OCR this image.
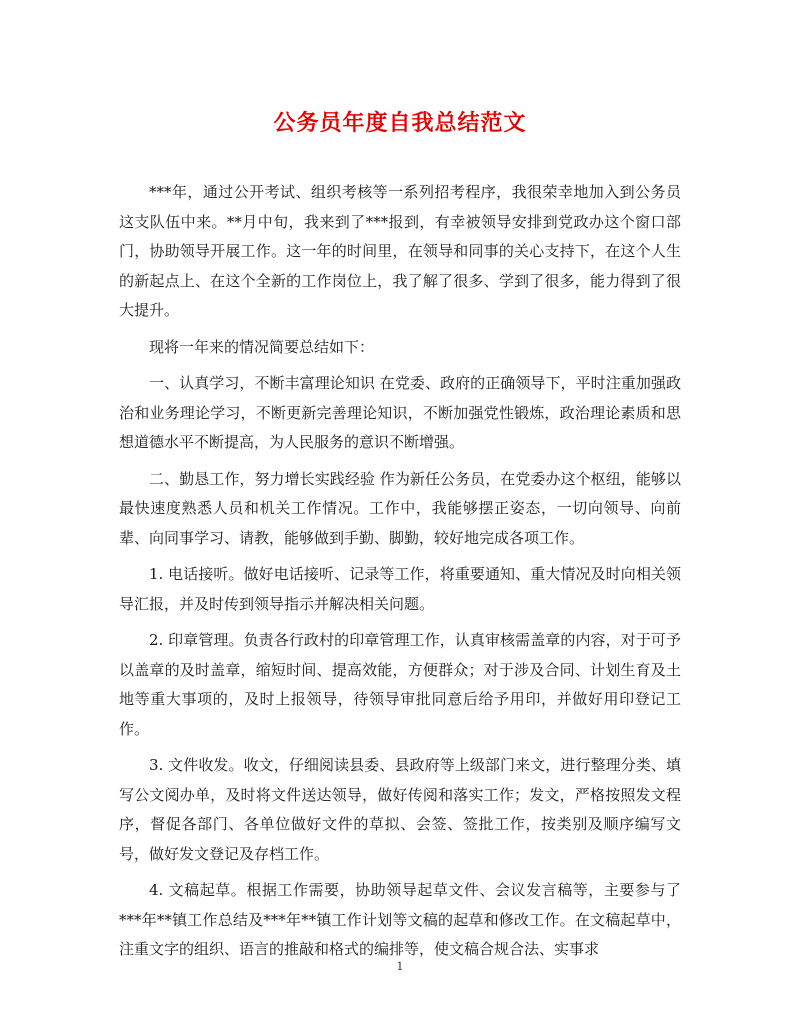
公务员年度自我总结范文

***年，通过公开考试、组织考核等一系列招考程序，我很荣幸地加入到公务员这支队伍中来。**月中旬，我来到了***报到，有幸被领导安排到党政办这个窗口部门，协助领导开展工作。这一年的时间里，在领导和同事的关心支持下，在这个人生的新起点上、在这个全新的工作岗位上，我了解了很多、学到了很多，能力得到了很大提升。

现将一年来的情况简要总结如下：

一、认真学习，不断丰富理论知识 在党委、政府的正确领导下，平时注重加强政治和业务理论学习，不断更新完善理论知识，不断加强党性锻炼，政治理论素质和思想道德水平不断提高，为人民服务的意识不断增强。

二、勤恳工作，努力增长实践经验 作为新任公务员，在党委办这个枢纽，能够以最快速度熟悉人员和机关工作情况。工作中，我能够摆正姿态，一切向领导、向前辈、向同事学习、请教，能够做到手勤、脚勤，较好地完成各项工作。

1. 电话接听。做好电话接听、记录等工作，将重要通知、重大情况及时向相关领导汇报，并及时传到领导指示并解决相关问题。

2. 印章管理。负责各行政村的印章管理工作，认真审核需盖章的内容，对于可予以盖章的及时盖章，缩短时间、提高效能，方便群众；对于涉及合同、计划生育及土地等重大事项的，及时上报领导，待领导审批同意后给予用印，并做好用印登记工作。

3. 文件收发。收文，仔细阅读县委、县政府等上级部门来文，进行整理分类、填写公文阅办单，及时将文件送达领导，做好传阅和落实工作；发文，严格按照发文程序，督促各部门、各单位做好文件的草拟、会签、签批工作，按类别及顺序编写文号，做好发文登记及存档工作。

4. 文稿起草。根据工作需要，协助领导起草文件、会议发言稿等，主要参与了***年**镇工作总结及***年**镇工作计划等文稿的起草和修改工作。在文稿起草中，注重文字的组织、语言的推敲和格式的编排等，使文稿合规合法、实事求

1
